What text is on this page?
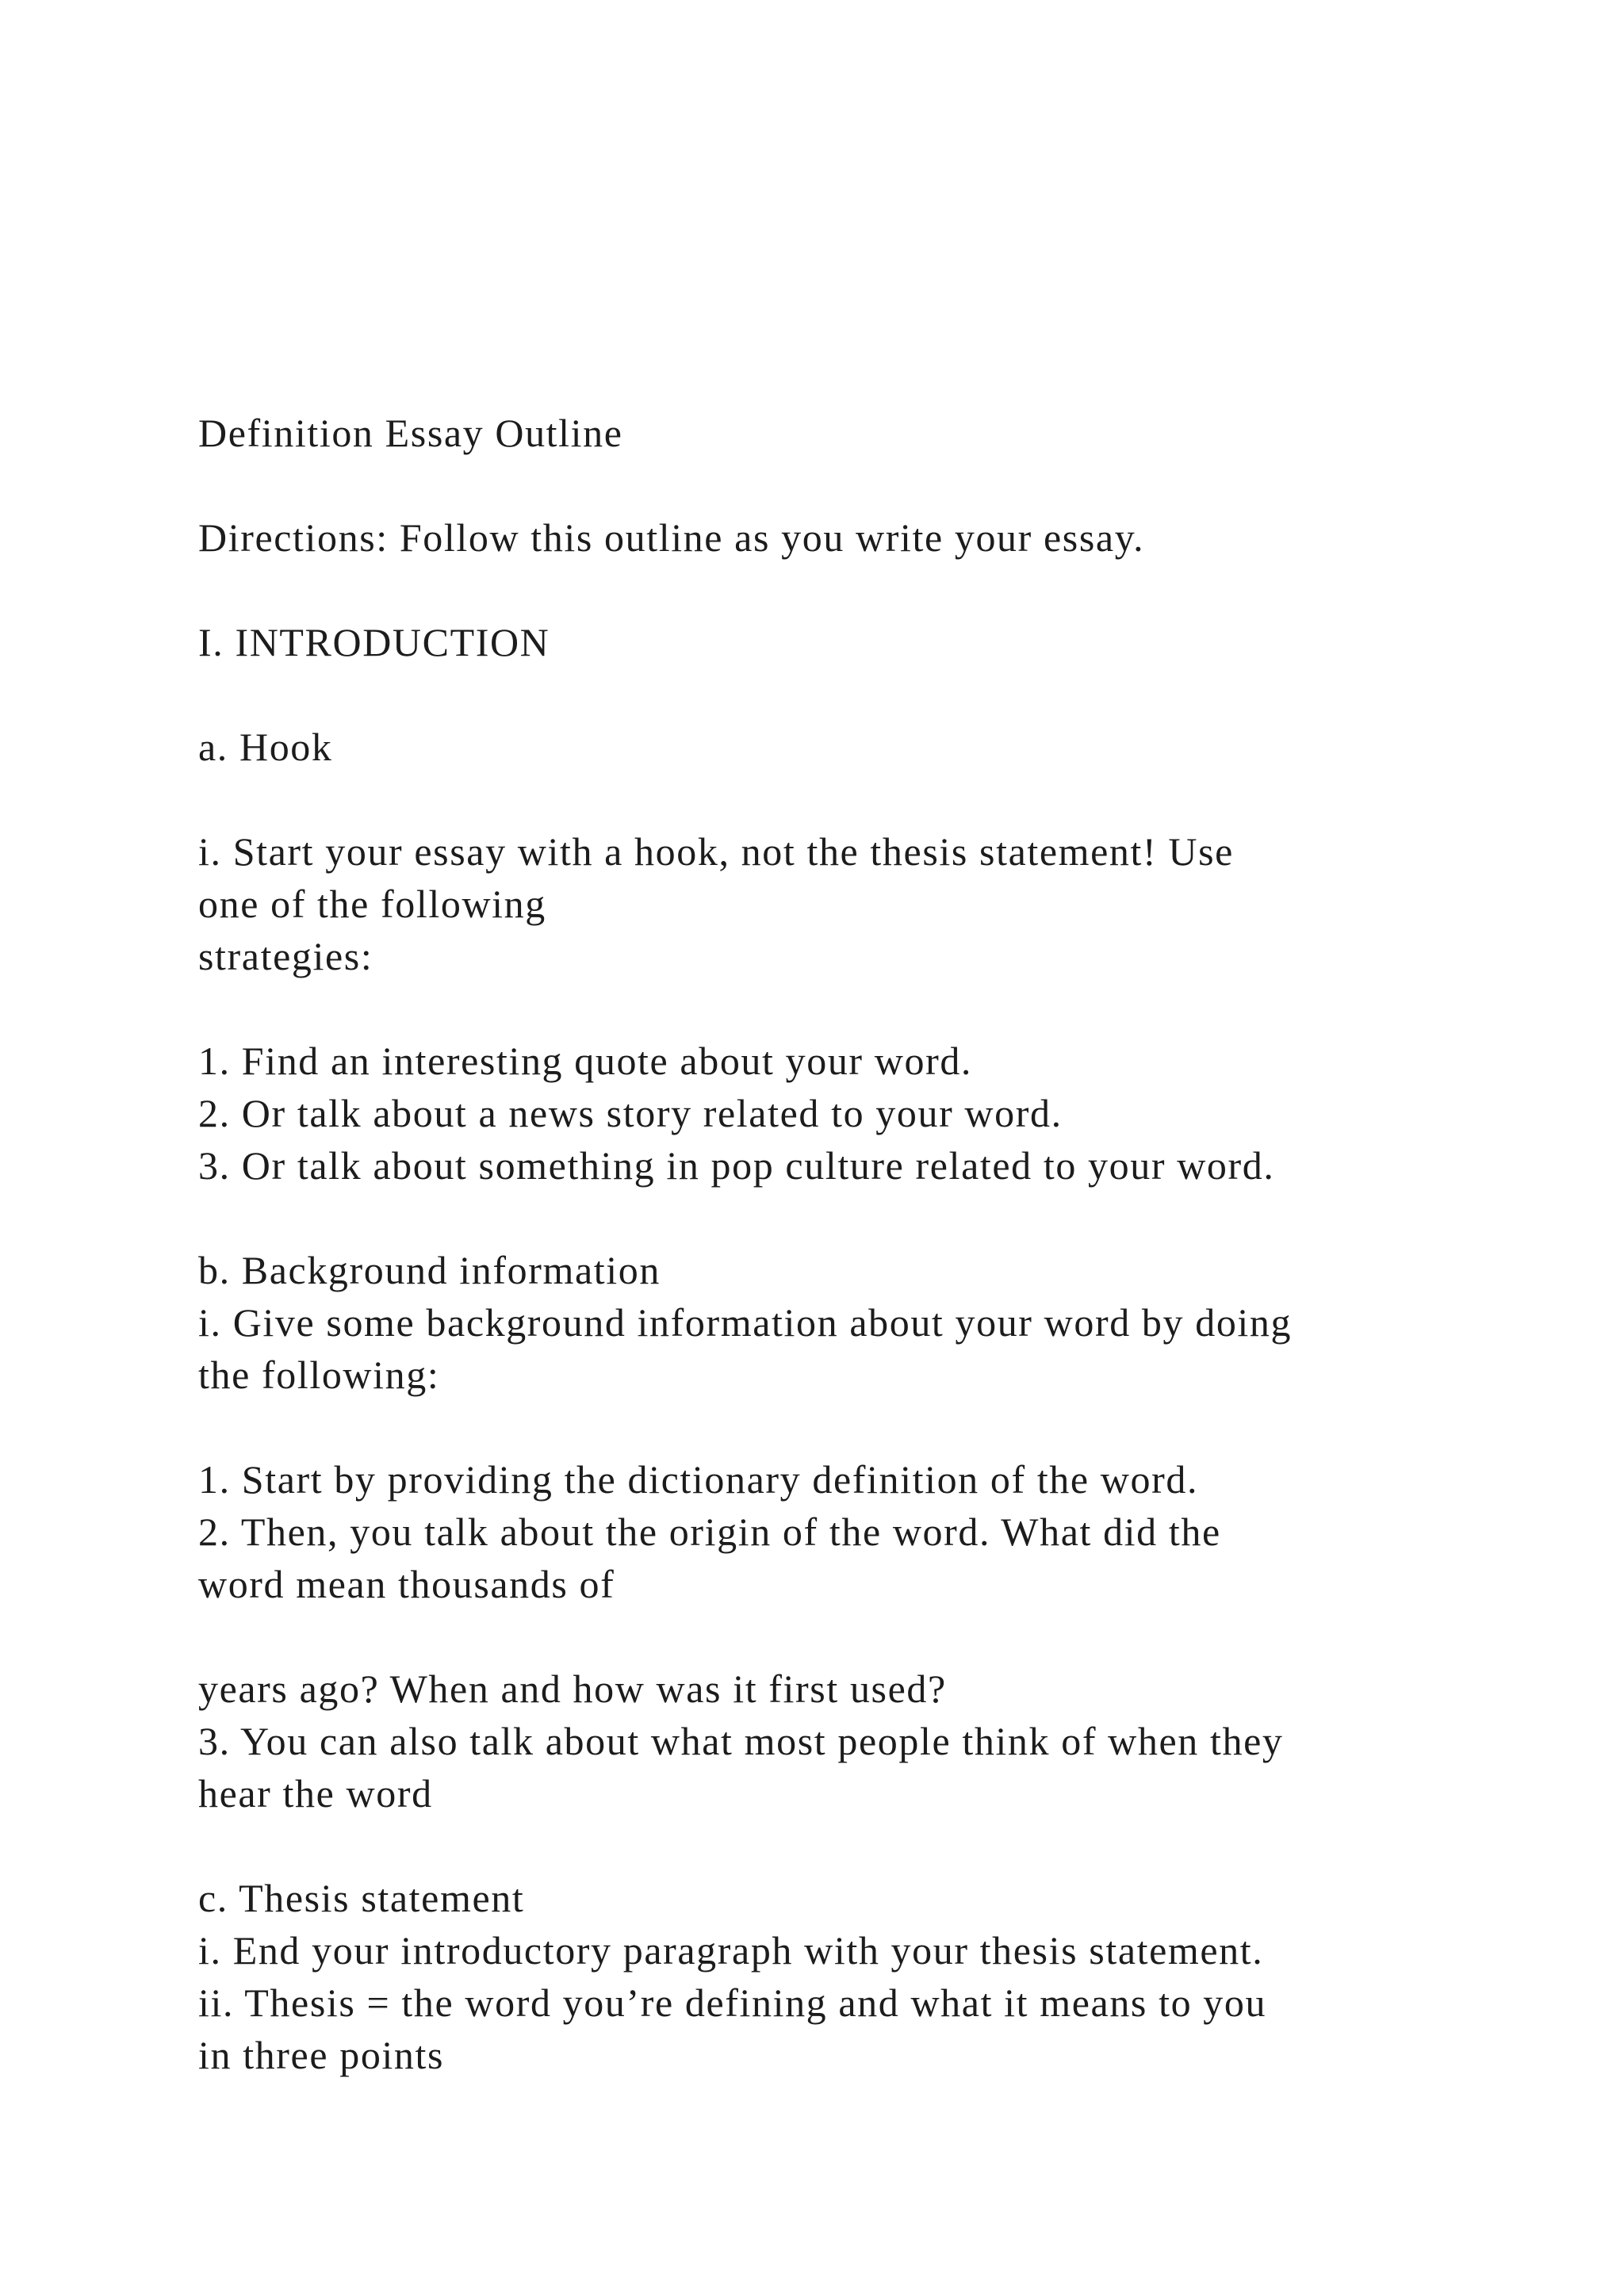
Definition Essay Outline
Directions: Follow this outline as you write your essay.
I. INTRODUCTION
a. Hook
i. Start your essay with a hook, not the thesis statement! Use
one of the following
strategies:
1. Find an interesting quote about your word.
2. Or talk about a news story related to your word.
3. Or talk about something in pop culture related to your word.
b. Background information
i. Give some background information about your word by doing
the following:
1. Start by providing the dictionary definition of the word.
2. Then, you talk about the origin of the word. What did the
word mean thousands of
years ago? When and how was it first used?
3. You can also talk about what most people think of when they
hear the word
c. Thesis statement
i. End your introductory paragraph with your thesis statement.
ii. Thesis = the word you’re defining and what it means to you
in three points
